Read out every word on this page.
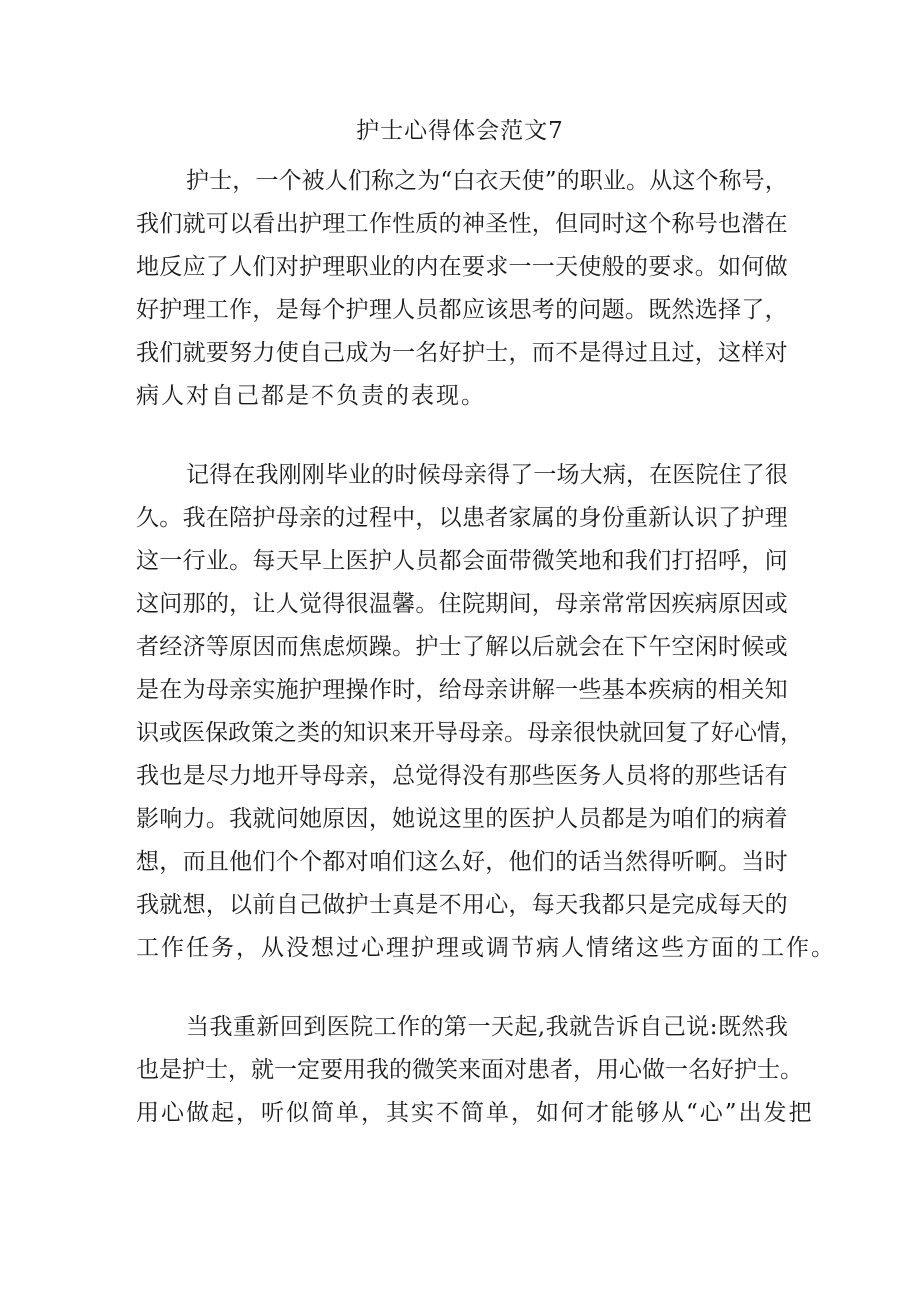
护士心得体会范文7
护 士 ， 一 个 被 人 们 称 之 为 “ 白 衣 天 使 ” 的 职 业 。 从 这 个 称 号 ，
我 们 就 可 以 看 出 护 理 工 作 性 质 的 神 圣 性 ， 但 同 时 这 个 称 号 也 潜 在
地 反 应 了 人 们 对 护 理 职 业 的 内 在 要 求 一 一 天 使 般 的 要 求 。 如 何 做
好 护 理 工 作 ， 是 每 个 护 理 人 员 都 应 该 思 考 的 问 题 。 既 然 选 择 了 ，
我 们 就 要 努 力 使 自 己 成 为 一 名 好 护 士 ， 而 不 是 得 过 且 过 ， 这 样 对
病人对自己都是不负责的表现。
记 得 在 我 刚 刚 毕 业 的 时 候 母 亲 得 了 一 场 大 病 ， 在 医 院 住 了 很
久 。 我 在 陪 护 母 亲 的 过 程 中 ， 以 患 者 家 属 的 身 份 重 新 认 识 了 护 理
这 一 行 业 。 每 天 早 上 医 护 人 员 都 会 面 带 微 笑 地 和 我 们 打 招 呼 ， 问
这 问 那 的 ， 让 人 觉 得 很 温 馨 。 住 院 期 间 ， 母 亲 常 常 因 疾 病 原 因 或
者 经 济 等 原 因 而 焦 虑 烦 躁 。 护 士 了 解 以 后 就 会 在 下 午 空 闲 时 候 或
是 在 为 母 亲 实 施 护 理 操 作 时 ， 给 母 亲 讲 解 一 些 基 本 疾 病 的 相 关 知
识 或 医 保 政 策 之 类 的 知 识 来 开 导 母 亲 。 母 亲 很 快 就 回 复 了 好 心 情 ，
我 也 是 尽 力 地 开 导 母 亲 ， 总 觉 得 没 有 那 些 医 务 人 员 将 的 那 些 话 有
影 响 力 。 我 就 问 她 原 因 ， 她 说 这 里 的 医 护 人 员 都 是 为 咱 们 的 病 着
想 ， 而 且 他 们 个 个 都 对 咱 们 这 么 好 ， 他 们 的 话 当 然 得 听 啊 。 当 时
我 就 想 ， 以 前 自 己 做 护 士 真 是 不 用 心 ， 每 天 我 都 只 是 完 成 每 天 的
工作任务，从没想过心理护理或调节病人情绪这些方面的工作。
当 我 重 新 回 到 医 院 工 作 的 第 一 天 起 , 我 就 告 诉 自 己 说 : 既 然 我
也 是 护 士 ， 就 一 定 要 用 我 的 微 笑 来 面 对 患 者 ， 用 心 做 一 名 好 护 士 。
用心做起，听似简单，其实不简单，如何才能够从“心”出发把
